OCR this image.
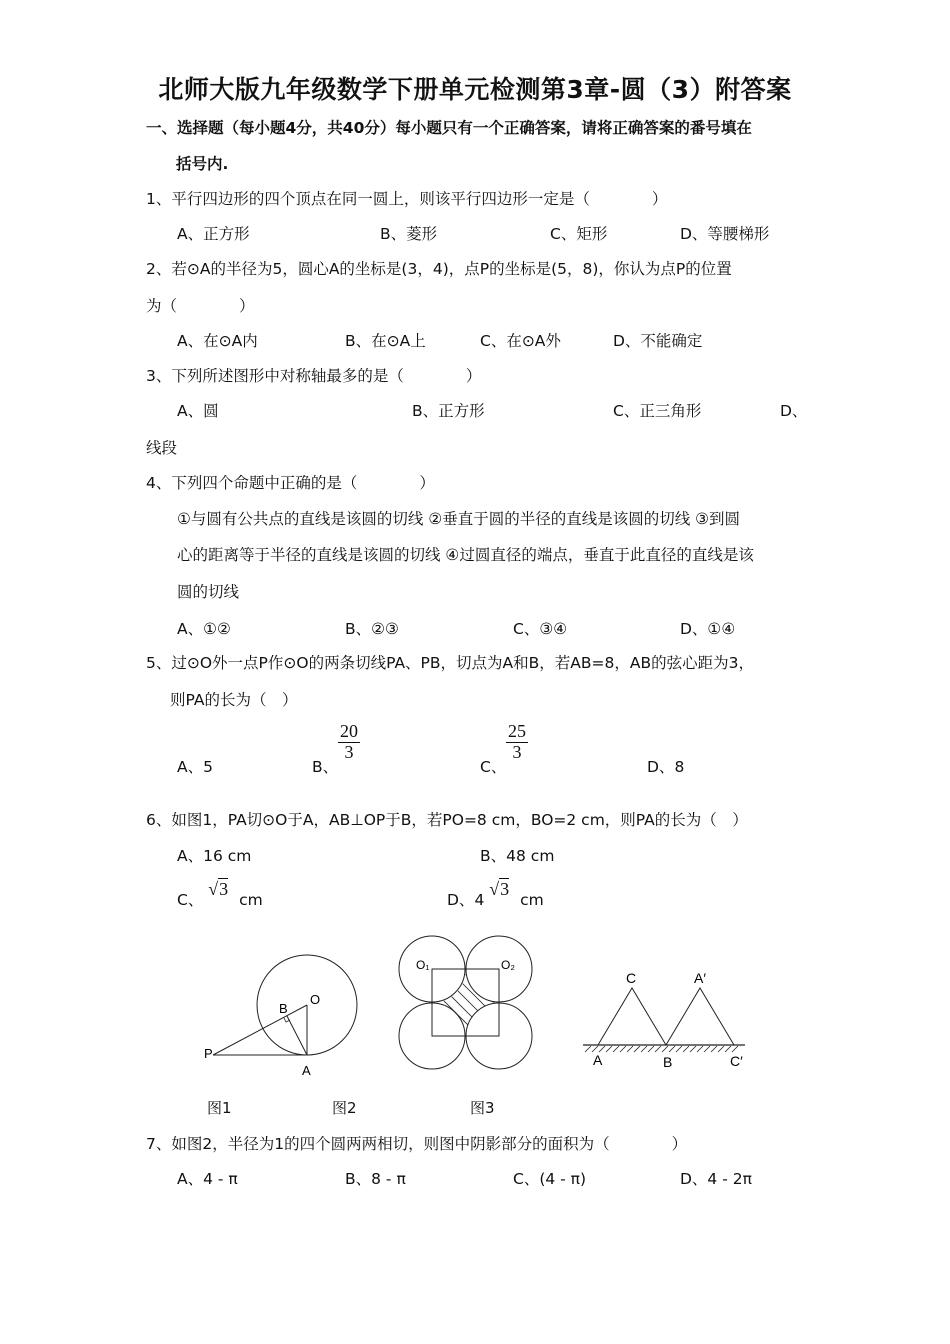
北师大版九年级数学下册单元检测第3章-圆（3）附答案
一、选择题（每小题4分，共40分）每小题只有一个正确答案，请将正确答案的番号填在
括号内.
1、平行四边形的四个顶点在同一圆上，则该平行四边形一定是（　　　　）
A、正方形	B、菱形	C、矩形	D、等腰梯形
2、若⊙A的半径为5，圆心A的坐标是(3，4)，点P的坐标是(5，8)，你认为点P的位置
为（　　　　）
A、在⊙A内	B、在⊙A上	C、在⊙A外	D、不能确定
3、下列所述图形中对称轴最多的是（　　　　）
A、圆	B、正方形	C、正三角形	D、
线段
4、下列四个命题中正确的是（　　　　）
①与圆有公共点的直线是该圆的切线 ②垂直于圆的半径的直线是该圆的切线 ③到圆
心的距离等于半径的直线是该圆的切线 ④过圆直径的端点，垂直于此直径的直线是该
圆的切线
A、①②	B、②③	C、③④	D、①④
5、过⊙O外一点P作⊙O的两条切线PA、PB，切点为A和B，若AB=8，AB的弦心距为3，
则PA的长为（　）
A、5	B、
$\frac{20}{3}$
C、
$\frac{25}{3}$
D、8
6、如图1，PA切⊙O于A，AB⊥OP于B，若PO=8 cm，BO=2 cm，则PA的长为（　）
A、16 cm	B、48 cm
C、 √3 cm	D、4 √3 cm
P
A
B
O
O₁	O₂
C	A′
A	B	C′
图1	图2	图3
7、如图2，半径为1的四个圆两两相切，则图中阴影部分的面积为（　　　　）
A、4 - π	B、8 - π	C、(4 - π)	D、4 - 2π
